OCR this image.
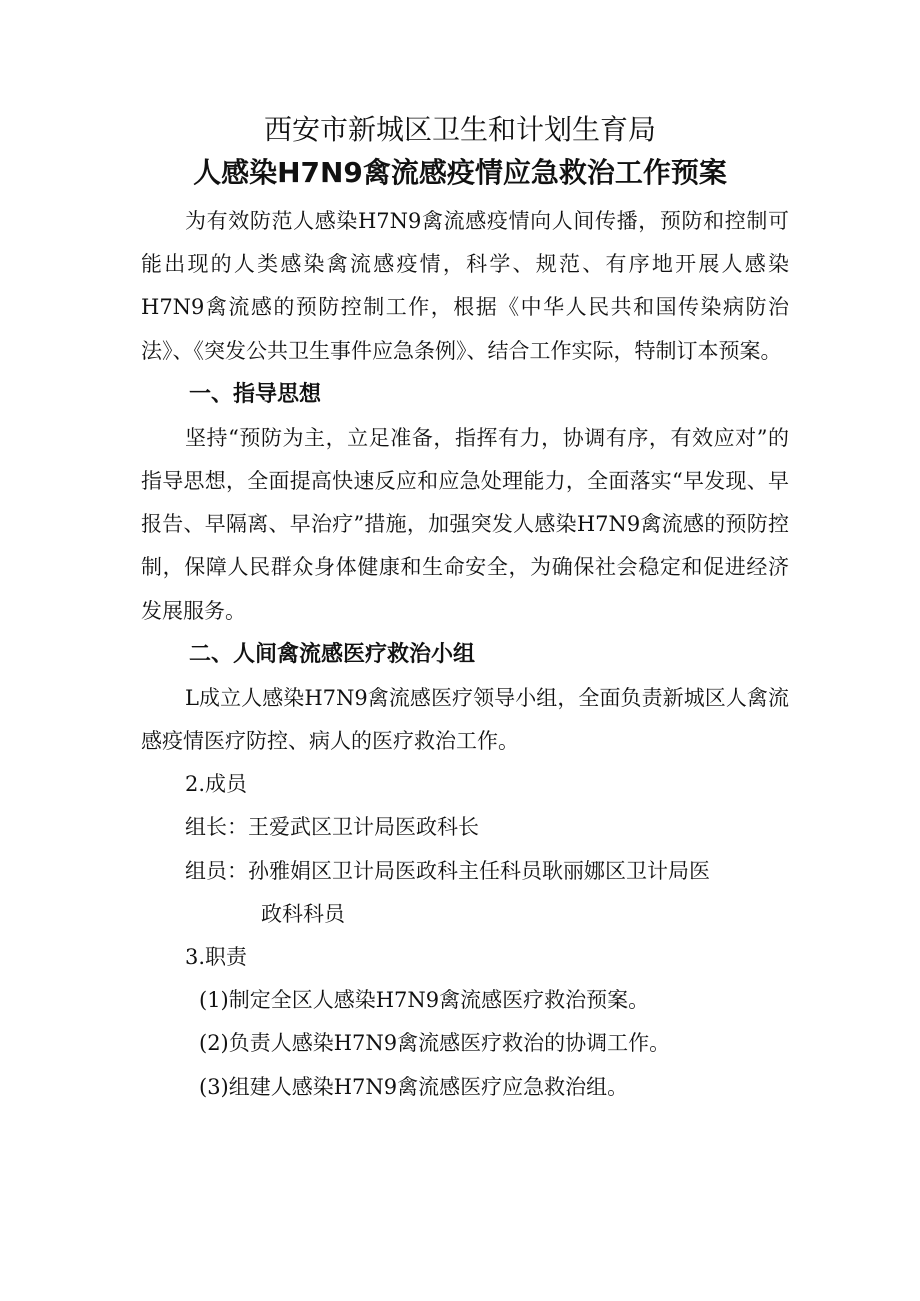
西安市新城区卫生和计划生育局
人感染H7N9禽流感疫情应急救治工作预案

为有效防范人感染H7N9禽流感疫情向人间传播，预防和控制可能出现的人类感染禽流感疫情，科学、规范、有序地开展人感染H7N9禽流感的预防控制工作，根据《中华人民共和国传染病防治法》、《突发公共卫生事件应急条例》、结合工作实际，特制订本预案。

一、指导思想

坚持“预防为主，立足准备，指挥有力，协调有序，有效应对”的指导思想，全面提高快速反应和应急处理能力，全面落实“早发现、早报告、早隔离、早治疗”措施，加强突发人感染H7N9禽流感的预防控制，保障人民群众身体健康和生命安全，为确保社会稳定和促进经济发展服务。

二、人间禽流感医疗救治小组

L成立人感染H7N9禽流感医疗领导小组，全面负责新城区人禽流感疫情医疗防控、病人的医疗救治工作。

2.成员

组长：王爱武区卫计局医政科长

组员：孙雅娟区卫计局医政科主任科员耿丽娜区卫计局医
政科科员

3.职责

(1)制定全区人感染H7N9禽流感医疗救治预案。

(2)负责人感染H7N9禽流感医疗救治的协调工作。

(3)组建人感染H7N9禽流感医疗应急救治组。
